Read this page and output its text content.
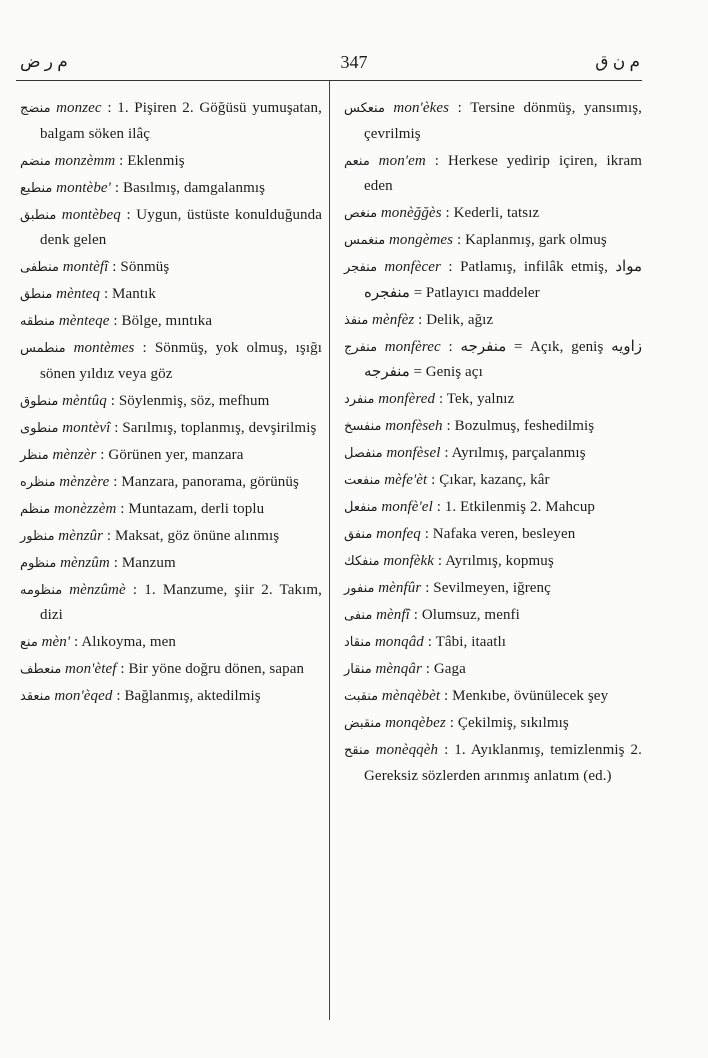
م ر ض	347	م ن ق

منضج monzec : 1. Pişiren 2. Göğüsü yumuşatan, balgam söken ilâç

منضم monzèmm : Eklenmiş

منطبع montèbe' : Basılmış, damgalanmış

منطبق montèbeq : Uygun, üstüste konulduğunda denk gelen

منطفى montèfî : Sönmüş

منطق mènteq : Mantık

منطقه mènteqe : Bölge, mıntıka

منطمس montèmes : Sönmüş, yok olmuş, ışığı sönen yıldız veya göz

منطوق mèntûq : Söylenmiş, söz, mefhum

منطوى montèvî : Sarılmış, toplanmış, devşirilmiş

منظر mènzèr : Görünen yer, manzara

منظره mènzère : Manzara, panorama, görünüş

منظم monèzzèm : Muntazam, derli toplu

منظور mènzûr : Maksat, göz önüne alınmış

منظوم mènzûm : Manzum

منظومه mènzûmè : 1. Manzume, şiir 2. Takım, dizi

منع mèn' : Alıkoyma, men

منعطف mon'ètef : Bir yöne doğru dönen, sapan

منعقد mon'èqed : Bağlanmış, aktedilmiş

منعكس mon'èkes : Tersine dönmüş, yansımış, çevrilmiş

منعم mon'em : Herkese yedirip içiren, ikram eden

منغص monèğğès : Kederli, tatsız

منغمس mongèmes : Kaplanmış, gark olmuş

منفجر monfècer : Patlamış, infilâk etmiş, مواد منفجره = Patlayıcı maddeler

منفذ mènfèz : Delik, ağız

منفرج monfèrec : منفرجه = Açık, geniş زاويه منفرجه = Geniş açı

منفرد monfèred : Tek, yalnız

منفسخ monfèseh : Bozulmuş, feshedilmiş

منفصل monfèsel : Ayrılmış, parçalanmış

منفعت mèfe'èt : Çıkar, kazanç, kâr

منفعل monfè'el : 1. Etkilenmiş 2. Mahcup

منفق monfeq : Nafaka veren, besleyen

منفكك monfèkk : Ayrılmış, kopmuş

منفور mènfûr : Sevilmeyen, iğrenç

منفى mènfî : Olumsuz, menfi

منقاد monqâd : Tâbi, itaatlı

منقار mènqâr : Gaga

منقبت mènqèbèt : Menkıbe, övünülecek şey

منقبض monqèbez : Çekilmiş, sıkılmış

منقح monèqqèh : 1. Ayıklanmış, temizlenmiş 2. Gereksiz sözlerden arınmış anlatım (ed.)
